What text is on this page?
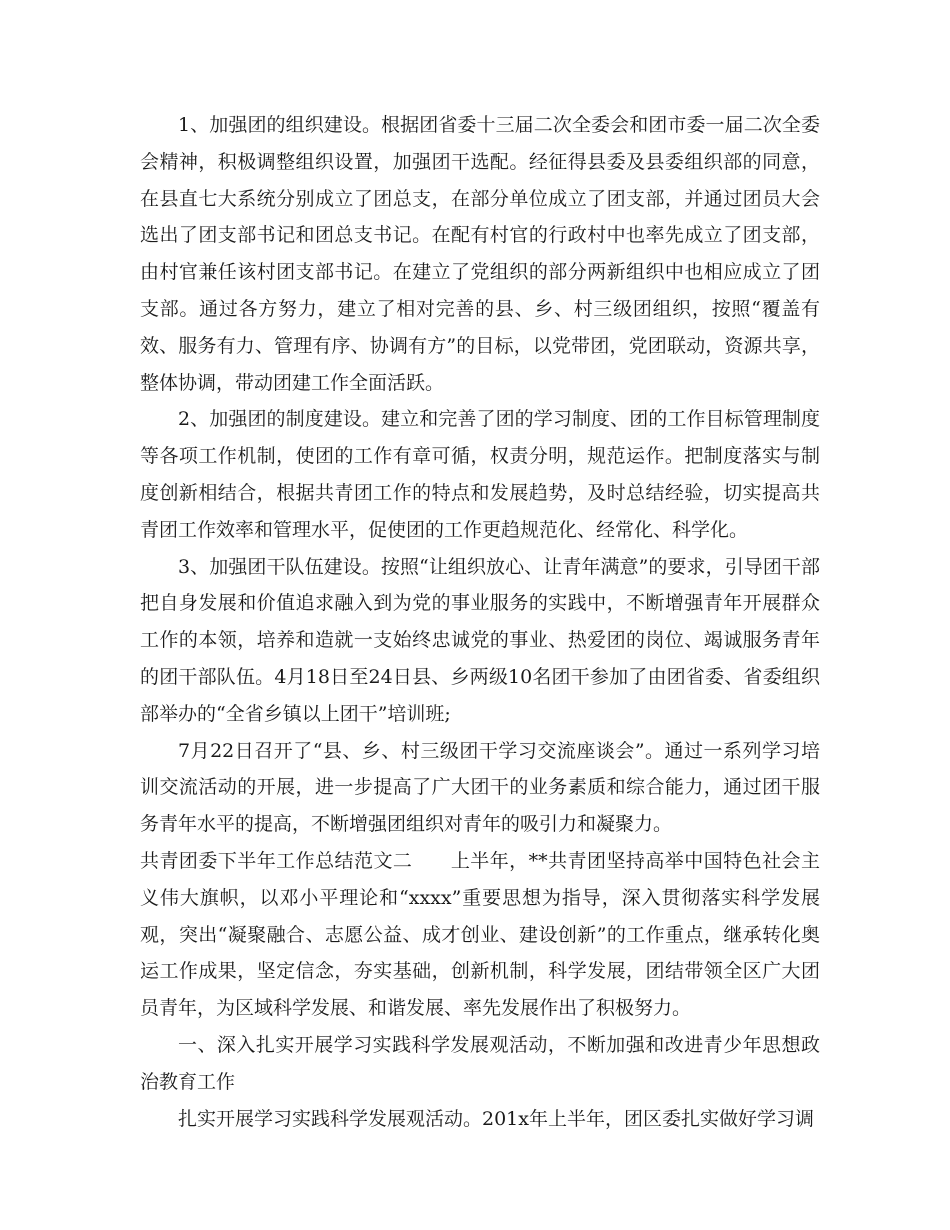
1、加强团的组织建设。根据团省委十三届二次全委会和团市委一届二次全委会精神，积极调整组织设置，加强团干选配。经征得县委及县委组织部的同意，在县直七大系统分别成立了团总支，在部分单位成立了团支部，并通过团员大会选出了团支部书记和团总支书记。在配有村官的行政村中也率先成立了团支部，由村官兼任该村团支部书记。在建立了党组织的部分两新组织中也相应成立了团支部。通过各方努力，建立了相对完善的县、乡、村三级团组织，按照“覆盖有效、服务有力、管理有序、协调有方”的目标，以党带团，党团联动，资源共享，整体协调，带动团建工作全面活跃。

2、加强团的制度建设。建立和完善了团的学习制度、团的工作目标管理制度等各项工作机制，使团的工作有章可循，权责分明，规范运作。把制度落实与制度创新相结合，根据共青团工作的特点和发展趋势，及时总结经验，切实提高共青团工作效率和管理水平，促使团的工作更趋规范化、经常化、科学化。

3、加强团干队伍建设。按照“让组织放心、让青年满意”的要求，引导团干部把自身发展和价值追求融入到为党的事业服务的实践中，不断增强青年开展群众工作的本领，培养和造就一支始终忠诚党的事业、热爱团的岗位、竭诚服务青年的团干部队伍。4月18日至24日县、乡两级10名团干参加了由团省委、省委组织部举办的“全省乡镇以上团干”培训班;

7月22日召开了“县、乡、村三级团干学习交流座谈会”。通过一系列学习培训交流活动的开展，进一步提高了广大团干的业务素质和综合能力，通过团干服务青年水平的提高，不断增强团组织对青年的吸引力和凝聚力。

共青团委下半年工作总结范文二 上半年，**共青团坚持高举中国特色社会主义伟大旗帜，以邓小平理论和“xxxx”重要思想为指导，深入贯彻落实科学发展观，突出“凝聚融合、志愿公益、成才创业、建设创新”的工作重点，继承转化奥运工作成果，坚定信念，夯实基础，创新机制，科学发展，团结带领全区广大团员青年，为区域科学发展、和谐发展、率先发展作出了积极努力。

一、深入扎实开展学习实践科学发展观活动，不断加强和改进青少年思想政治教育工作

扎实开展学习实践科学发展观活动。201x年上半年，团区委扎实做好学习调
